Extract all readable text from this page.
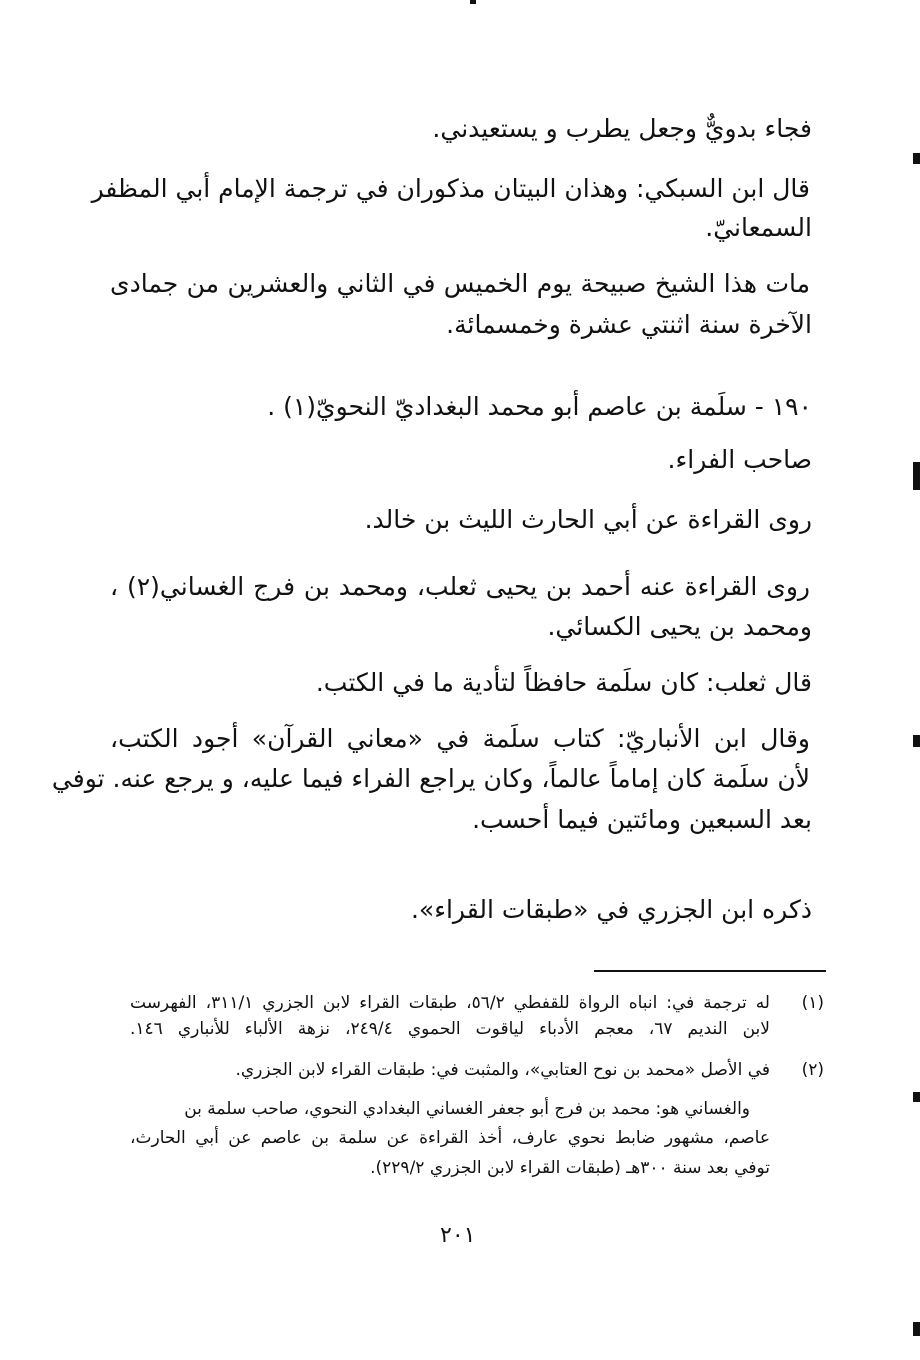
فجاء بدويٌّ وجعل يطرب و يستعيدني.
قال ابن السبكي: وهذان البيتان مذكوران في ترجمة الإمام أبي المظفر
السمعانيّ.
مات هذا الشيخ صبيحة يوم الخميس في الثاني والعشرين من جمادى
الآخرة سنة اثنتي عشرة وخمسمائة.
١٩٠ - سلَمة بن عاصم أبو محمد البغداديّ النحويّ(١) .
صاحب الفراء.
روى القراءة عن أبي الحارث الليث بن خالد.
روى القراءة عنه أحمد بن يحيى ثعلب، ومحمد بن فرج الغساني(٢) ،
ومحمد بن يحيى الكسائي.
قال ثعلب: كان سلَمة حافظاً لتأدية ما في الكتب.
وقال ابن الأنباريّ: كتاب سلَمة في «معاني القرآن» أجود الكتب،
لأن سلَمة كان إماماً عالماً، وكان يراجع الفراء فيما عليه، و يرجع عنه. توفي
بعد السبعين ومائتين فيما أحسب.
ذكره ابن الجزري في «طبقات القراء».
(١)
له ترجمة في: انباه الرواة للقفطي ٥٦/٢، طبقات القراء لابن الجزري ٣١١/١، الفهرست
لابن النديم ٦٧، معجم الأدباء لياقوت الحموي ٢٤٩/٤، نزهة الألباء للأنباري ١٤٦.
(٢)
في الأصل «محمد بن نوح العتابي»، والمثبت في: طبقات القراء لابن الجزري.
والغساني هو: محمد بن فرج أبو جعفر الغساني البغدادي النحوي، صاحب سلمة بن
عاصم، مشهور ضابط نحوي عارف، أخذ القراءة عن سلمة بن عاصم عن أبي الحارث،
توفي بعد سنة ٣٠٠هـ (طبقات القراء لابن الجزري ٢٢٩/٢).
٢٠١
